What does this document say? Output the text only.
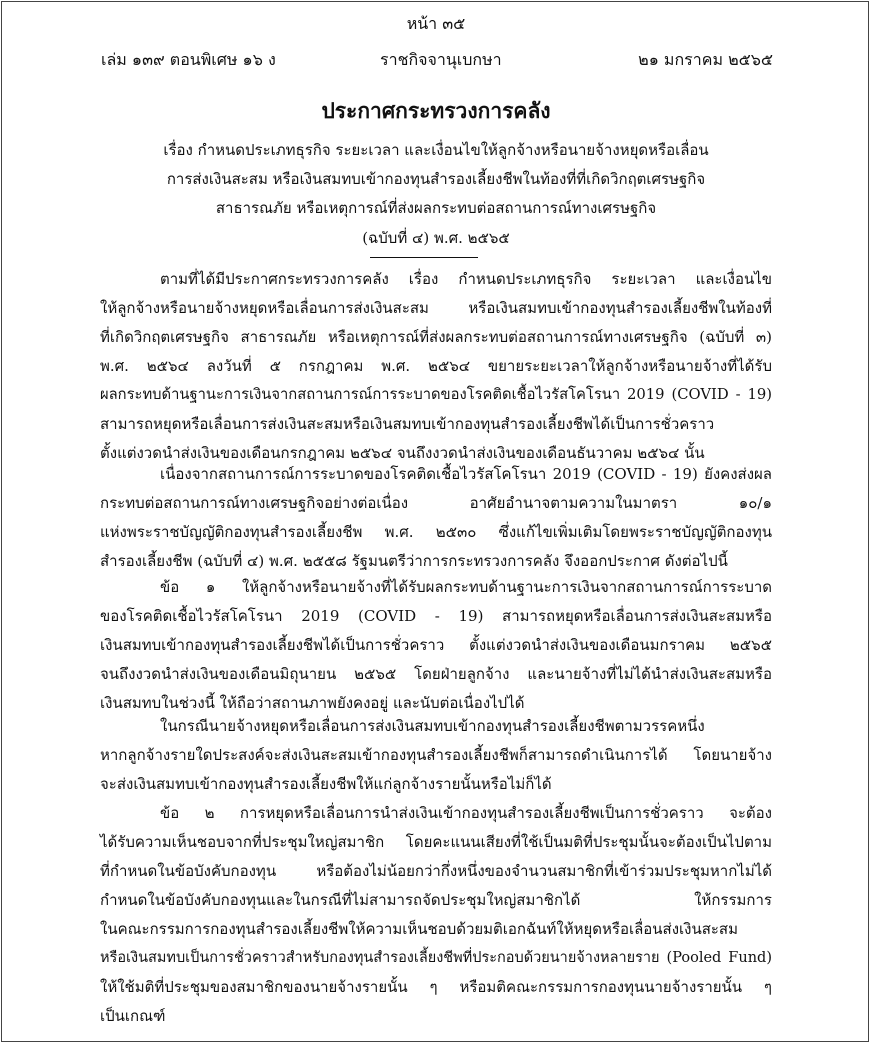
หน้า ๓๕
เล่ม ๑๓๙ ตอนพิเศษ ๑๖ ง	ราชกิจจานุเบกษา	๒๑ มกราคม ๒๕๖๕
ประกาศกระทรวงการคลัง
เรื่อง กำหนดประเภทธุรกิจ ระยะเวลา และเงื่อนไขให้ลูกจ้างหรือนายจ้างหยุดหรือเลื่อน
การส่งเงินสะสม หรือเงินสมทบเข้ากองทุนสำรองเลี้ยงชีพในท้องที่ที่เกิดวิกฤตเศรษฐกิจ
สาธารณภัย หรือเหตุการณ์ที่ส่งผลกระทบต่อสถานการณ์ทางเศรษฐกิจ
(ฉบับที่ ๔) พ.ศ. ๒๕๖๕
ตามที่ได้มีประกาศกระทรวงการคลัง เรื่อง กำหนดประเภทธุรกิจ ระยะเวลา และเงื่อนไข
ให้ลูกจ้างหรือนายจ้างหยุดหรือเลื่อนการส่งเงินสะสม หรือเงินสมทบเข้ากองทุนสำรองเลี้ยงชีพในท้องที่
ที่เกิดวิกฤตเศรษฐกิจ สาธารณภัย หรือเหตุการณ์ที่ส่งผลกระทบต่อสถานการณ์ทางเศรษฐกิจ (ฉบับที่ ๓)
พ.ศ. ๒๕๖๔ ลงวันที่ ๕ กรกฎาคม พ.ศ. ๒๕๖๔ ขยายระยะเวลาให้ลูกจ้างหรือนายจ้างที่ได้รับ
ผลกระทบด้านฐานะการเงินจากสถานการณ์การระบาดของโรคติดเชื้อไวรัสโคโรนา 2019 (COVID - 19)
สามารถหยุดหรือเลื่อนการส่งเงินสะสมหรือเงินสมทบเข้ากองทุนสำรองเลี้ยงชีพได้เป็นการชั่วคราว
ตั้งแต่งวดนำส่งเงินของเดือนกรกฎาคม ๒๕๖๔ จนถึงงวดนำส่งเงินของเดือนธันวาคม ๒๕๖๔ นั้น
เนื่องจากสถานการณ์การระบาดของโรคติดเชื้อไวรัสโคโรนา 2019 (COVID - 19) ยังคงส่งผล
กระทบต่อสถานการณ์ทางเศรษฐกิจอย่างต่อเนื่อง อาศัยอำนาจตามความในมาตรา ๑๐/๑
แห่งพระราชบัญญัติกองทุนสำรองเลี้ยงชีพ พ.ศ. ๒๕๓๐ ซึ่งแก้ไขเพิ่มเติมโดยพระราชบัญญัติกองทุน
สำรองเลี้ยงชีพ (ฉบับที่ ๔) พ.ศ. ๒๕๕๘ รัฐมนตรีว่าการกระทรวงการคลัง จึงออกประกาศ ดังต่อไปนี้
ข้อ ๑ ให้ลูกจ้างหรือนายจ้างที่ได้รับผลกระทบด้านฐานะการเงินจากสถานการณ์การระบาด
ของโรคติดเชื้อไวรัสโคโรนา 2019 (COVID - 19) สามารถหยุดหรือเลื่อนการส่งเงินสะสมหรือ
เงินสมทบเข้ากองทุนสำรองเลี้ยงชีพได้เป็นการชั่วคราว ตั้งแต่งวดนำส่งเงินของเดือนมกราคม ๒๕๖๕
จนถึงงวดนำส่งเงินของเดือนมิถุนายน ๒๕๖๕ โดยฝ่ายลูกจ้าง และนายจ้างที่ไม่ได้นำส่งเงินสะสมหรือ
เงินสมทบในช่วงนี้ ให้ถือว่าสถานภาพยังคงอยู่ และนับต่อเนื่องไปได้
ในกรณีนายจ้างหยุดหรือเลื่อนการส่งเงินสมทบเข้ากองทุนสำรองเลี้ยงชีพตามวรรคหนึ่ง
หากลูกจ้างรายใดประสงค์จะส่งเงินสะสมเข้ากองทุนสำรองเลี้ยงชีพก็สามารถดำเนินการได้ โดยนายจ้าง
จะส่งเงินสมทบเข้ากองทุนสำรองเลี้ยงชีพให้แก่ลูกจ้างรายนั้นหรือไม่ก็ได้
ข้อ ๒ การหยุดหรือเลื่อนการนำส่งเงินเข้ากองทุนสำรองเลี้ยงชีพเป็นการชั่วคราว จะต้อง
ได้รับความเห็นชอบจากที่ประชุมใหญ่สมาชิก โดยคะแนนเสียงที่ใช้เป็นมติที่ประชุมนั้นจะต้องเป็นไปตาม
ที่กำหนดในข้อบังคับกองทุน หรือต้องไม่น้อยกว่ากึ่งหนึ่งของจำนวนสมาชิกที่เข้าร่วมประชุมหากไม่ได้
กำหนดในข้อบังคับกองทุนและในกรณีที่ไม่สามารถจัดประชุมใหญ่สมาชิกได้ ให้กรรมการ
ในคณะกรรมการกองทุนสำรองเลี้ยงชีพให้ความเห็นชอบด้วยมติเอกฉันท์ให้หยุดหรือเลื่อนส่งเงินสะสม
หรือเงินสมทบเป็นการชั่วคราวสำหรับกองทุนสำรองเลี้ยงชีพที่ประกอบด้วยนายจ้างหลายราย (Pooled Fund)
ให้ใช้มติที่ประชุมของสมาชิกของนายจ้างรายนั้น ๆ หรือมติคณะกรรมการกองทุนนายจ้างรายนั้น ๆ
เป็นเกณฑ์
